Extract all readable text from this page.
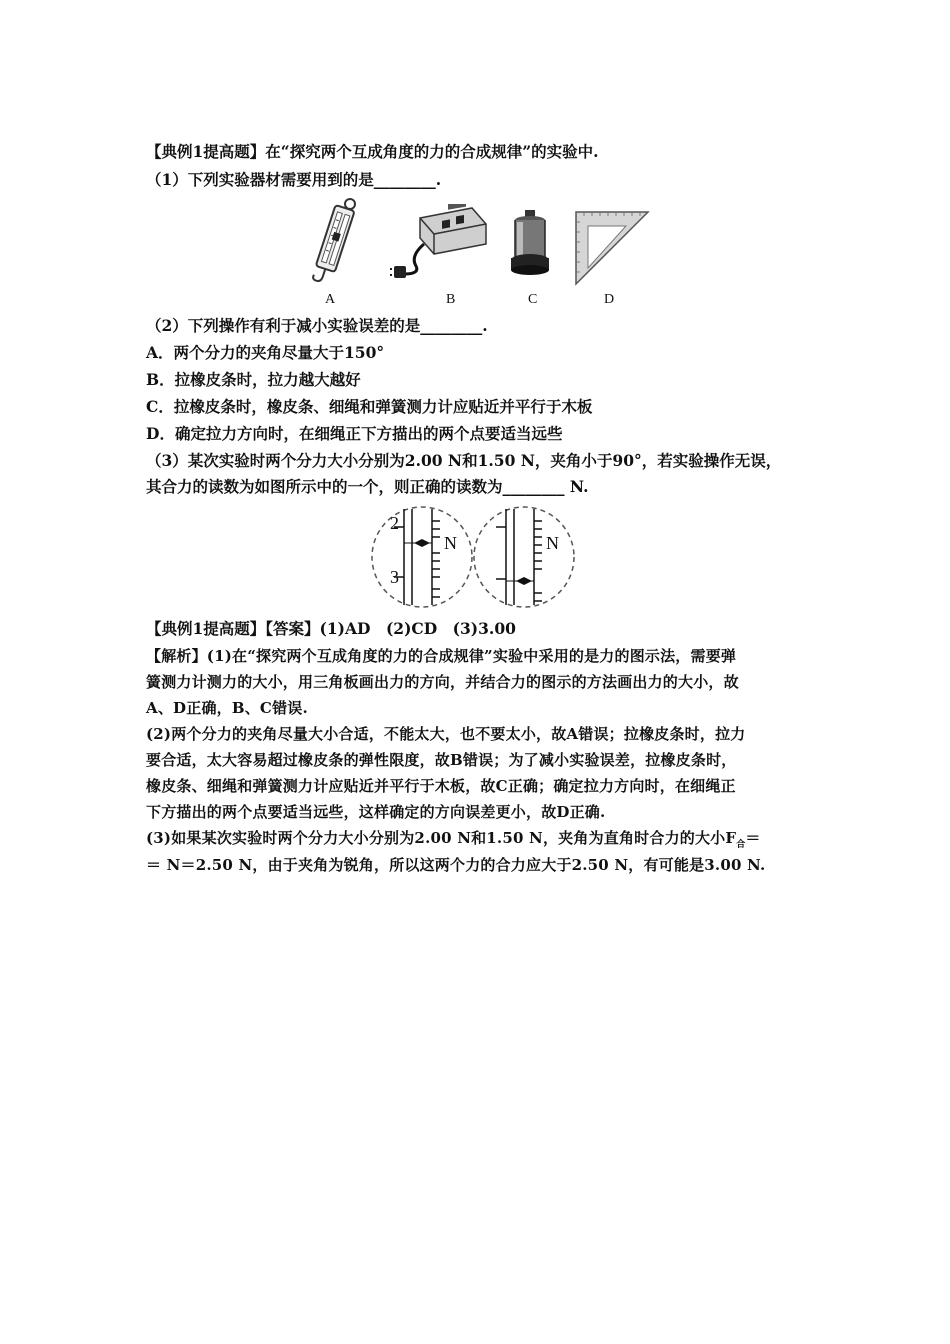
【典例1提高题】在“探究两个互成角度的力的合成规律”的实验中.
（1）下列实验器材需要用到的是________.
A	B	C	D
（2）下列操作有利于减小实验误差的是________.
A．两个分力的夹角尽量大于150°
B．拉橡皮条时，拉力越大越好
C．拉橡皮条时，橡皮条、细绳和弹簧测力计应贴近并平行于木板
D．确定拉力方向时，在细绳正下方描出的两个点要适当远些
（3）某次实验时两个分力大小分别为2.00 N和1.50 N，夹角小于90°，若实验操作无误，
其合力的读数为如图所示中的一个，则正确的读数为________ N.
2
3
N	N
【典例1提高题】【答案】(1)AD　(2)CD　(3)3.00
【解析】(1)在“探究两个互成角度的力的合成规律”实验中采用的是力的图示法，需要弹
簧测力计测力的大小，用三角板画出力的方向，并结合力的图示的方法画出力的大小，故
A、D正确，B、C错误.
(2)两个分力的夹角尽量大小合适，不能太大，也不要太小，故A错误；拉橡皮条时，拉力
要合适，太大容易超过橡皮条的弹性限度，故B错误；为了减小实验误差，拉橡皮条时，
橡皮条、细绳和弹簧测力计应贴近并平行于木板，故C正确；确定拉力方向时，在细绳正
下方描出的两个点要适当远些，这样确定的方向误差更小，故D正确.
(3)如果某次实验时两个分力大小分别为2.00 N和1.50 N，夹角为直角时合力的大小$F_合=$
＝ N＝2.50 N，由于夹角为锐角，所以这两个力的合力应大于2.50 N，有可能是3.00 N.
